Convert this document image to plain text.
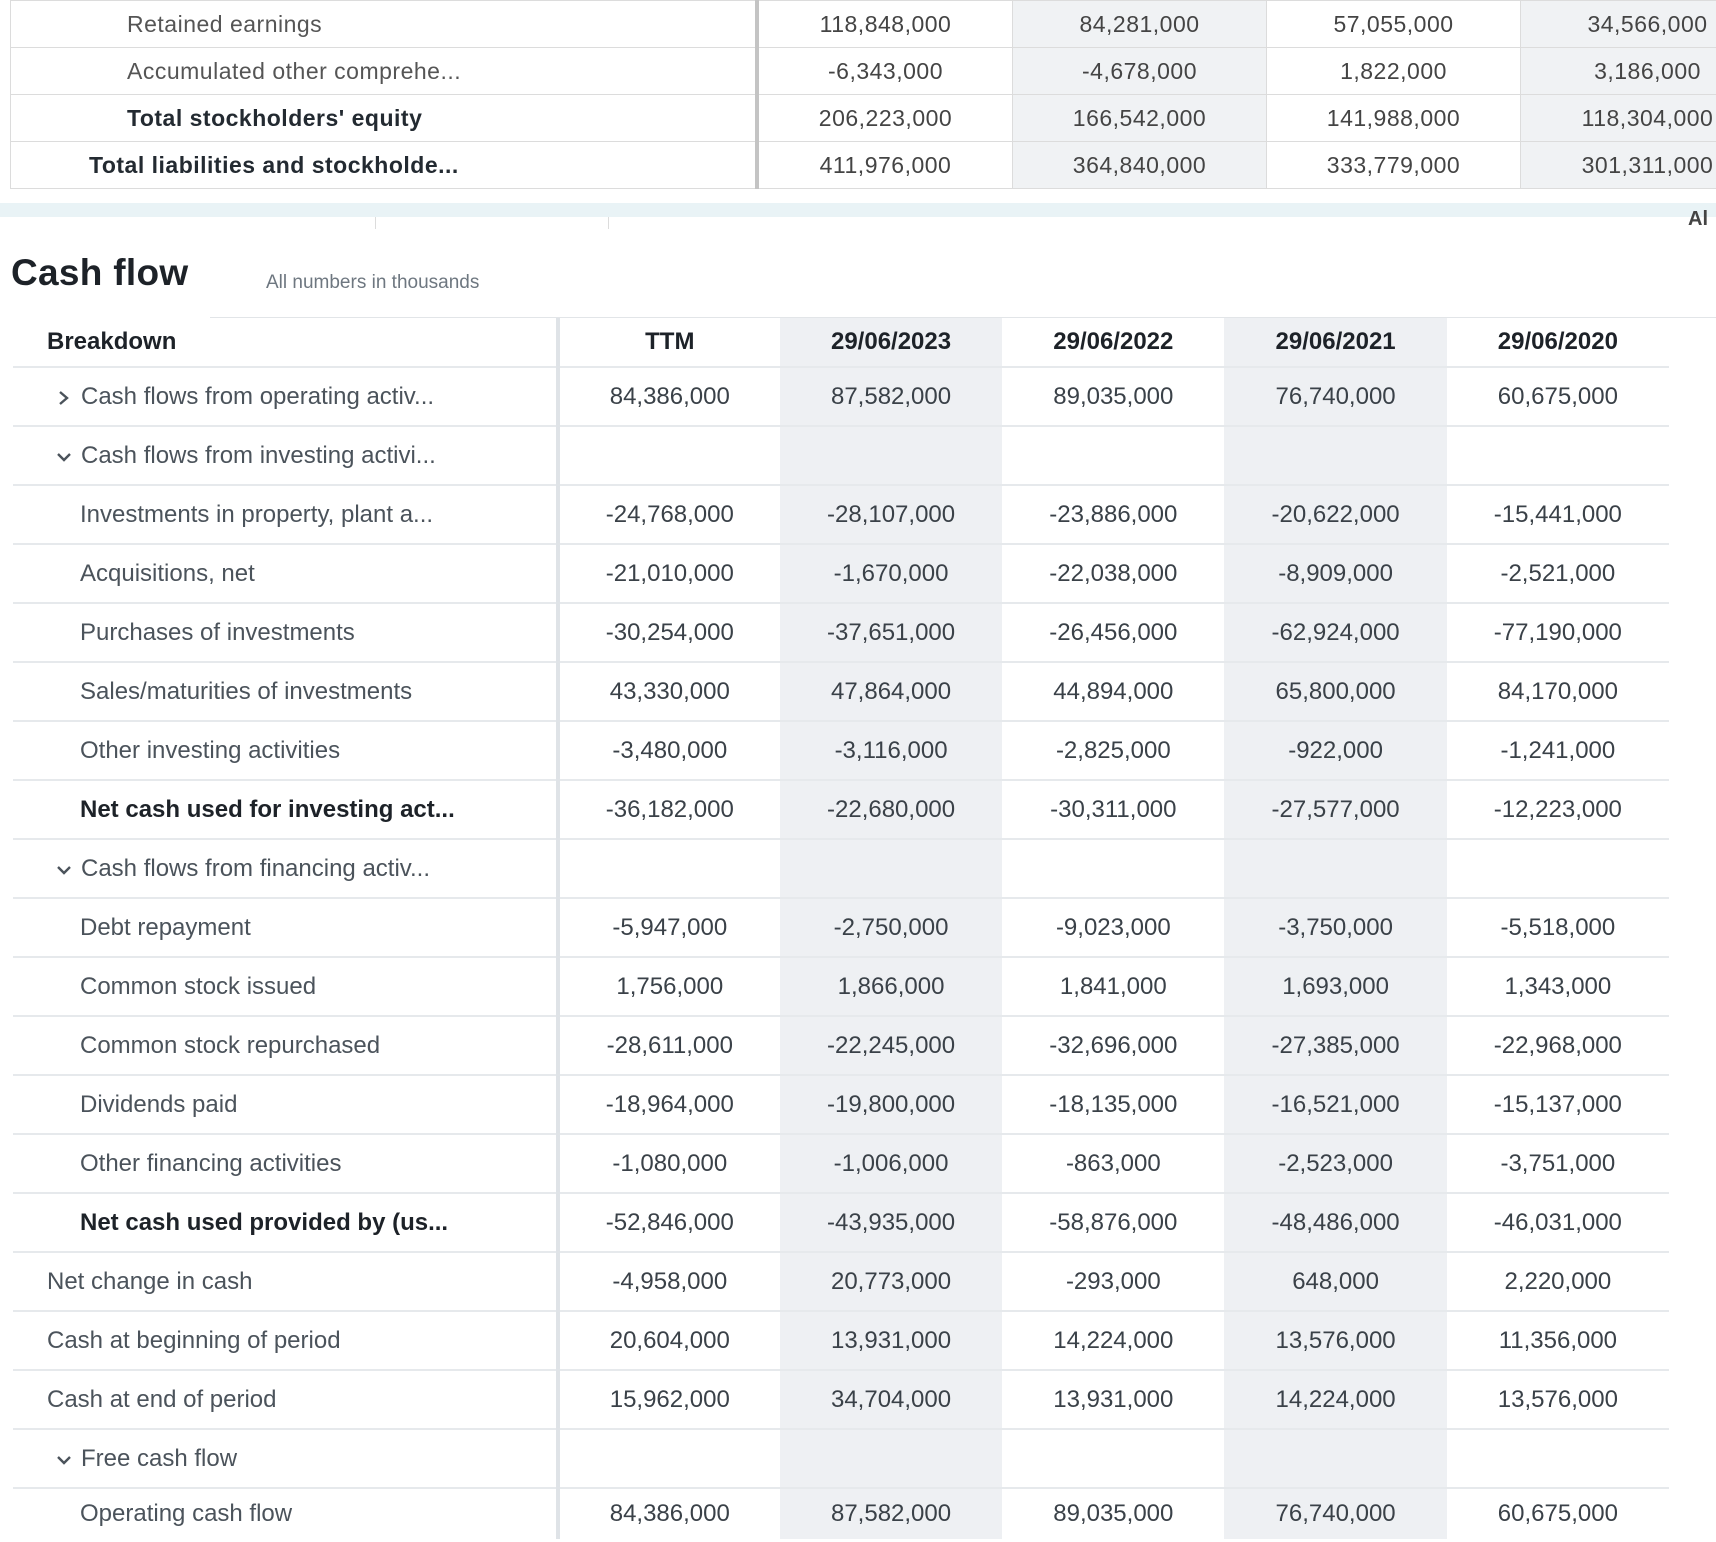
Retained earnings	118,848,000	84,281,000	57,055,000	34,566,000
Accumulated other comprehe...	-6,343,000	-4,678,000	1,822,000	3,186,000
Total stockholders' equity	206,223,000	166,542,000	141,988,000	118,304,000
Total liabilities and stockholde...	411,976,000	364,840,000	333,779,000	301,311,000
Al
Cash flow	All numbers in thousands
Breakdown	TTM	29/06/2023	29/06/2022	29/06/2021	29/06/2020
Cash flows from operating activ...	84,386,000	87,582,000	89,035,000	76,740,000	60,675,000
Cash flows from investing activi...					
Investments in property, plant a...	-24,768,000	-28,107,000	-23,886,000	-20,622,000	-15,441,000
Acquisitions, net	-21,010,000	-1,670,000	-22,038,000	-8,909,000	-2,521,000
Purchases of investments	-30,254,000	-37,651,000	-26,456,000	-62,924,000	-77,190,000
Sales/maturities of investments	43,330,000	47,864,000	44,894,000	65,800,000	84,170,000
Other investing activities	-3,480,000	-3,116,000	-2,825,000	-922,000	-1,241,000
Net cash used for investing act...	-36,182,000	-22,680,000	-30,311,000	-27,577,000	-12,223,000
Cash flows from financing activ...					
Debt repayment	-5,947,000	-2,750,000	-9,023,000	-3,750,000	-5,518,000
Common stock issued	1,756,000	1,866,000	1,841,000	1,693,000	1,343,000
Common stock repurchased	-28,611,000	-22,245,000	-32,696,000	-27,385,000	-22,968,000
Dividends paid	-18,964,000	-19,800,000	-18,135,000	-16,521,000	-15,137,000
Other financing activities	-1,080,000	-1,006,000	-863,000	-2,523,000	-3,751,000
Net cash used provided by (us...	-52,846,000	-43,935,000	-58,876,000	-48,486,000	-46,031,000
Net change in cash	-4,958,000	20,773,000	-293,000	648,000	2,220,000
Cash at beginning of period	20,604,000	13,931,000	14,224,000	13,576,000	11,356,000
Cash at end of period	15,962,000	34,704,000	13,931,000	14,224,000	13,576,000
Free cash flow					
Operating cash flow	84,386,000	87,582,000	89,035,000	76,740,000	60,675,000
